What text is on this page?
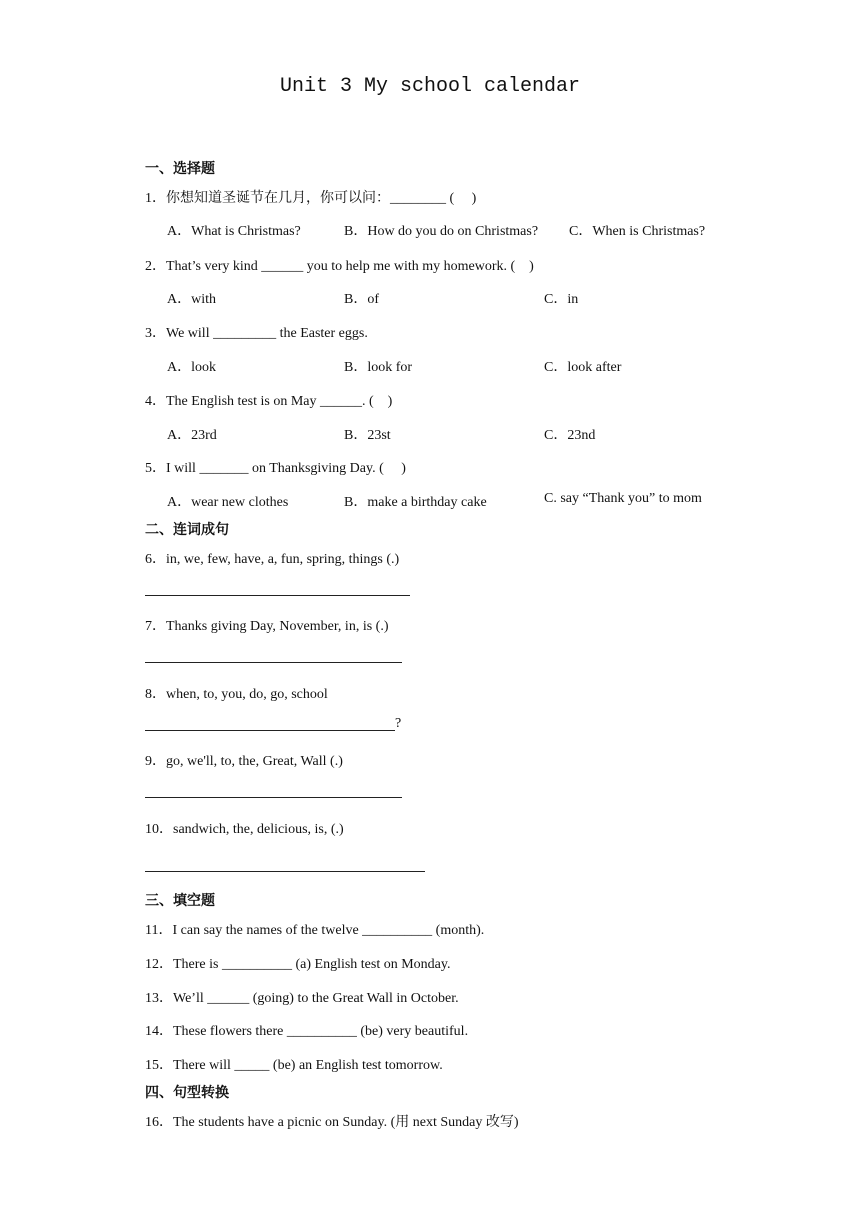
Unit 3 My school calendar
一、选择题
1．你想知道圣诞节在几月，你可以问：________ (　 )
A．What is Christmas?	B．How do you do on Christmas? C．When is Christmas?
2．That’s very kind ______ you to help me with my homework. (　)
A．with	B．of	C．in
3．We will _________ the Easter eggs.
A．look	B．look for	C．look after
4．The English test is on May ______. (　)
A．23rd	B．23st	C．23nd
5．I will _______ on Thanksgiving Day. (　 )
A．wear new clothes	B．make a birthday cake	C. say “Thank you” to mom
二、连词成句
6．in, we, few, have, a, fun, spring, things (.)
7．Thanks giving Day, November, in, is (.)
8．when, to, you, do, go, school
?
9．go, we'll, to, the, Great, Wall (.)
10．sandwich, the, delicious, is, (.)
三、填空题
11．I can say the names of the twelve __________ (month).
12．There is __________ (a) English test on Monday.
13．We’ll ______ (going) to the Great Wall in October.
14．These flowers there __________ (be) very beautiful.
15．There will _____ (be) an English test tomorrow.
四、句型转换
16．The students have a picnic on Sunday. (用 next Sunday 改写)
